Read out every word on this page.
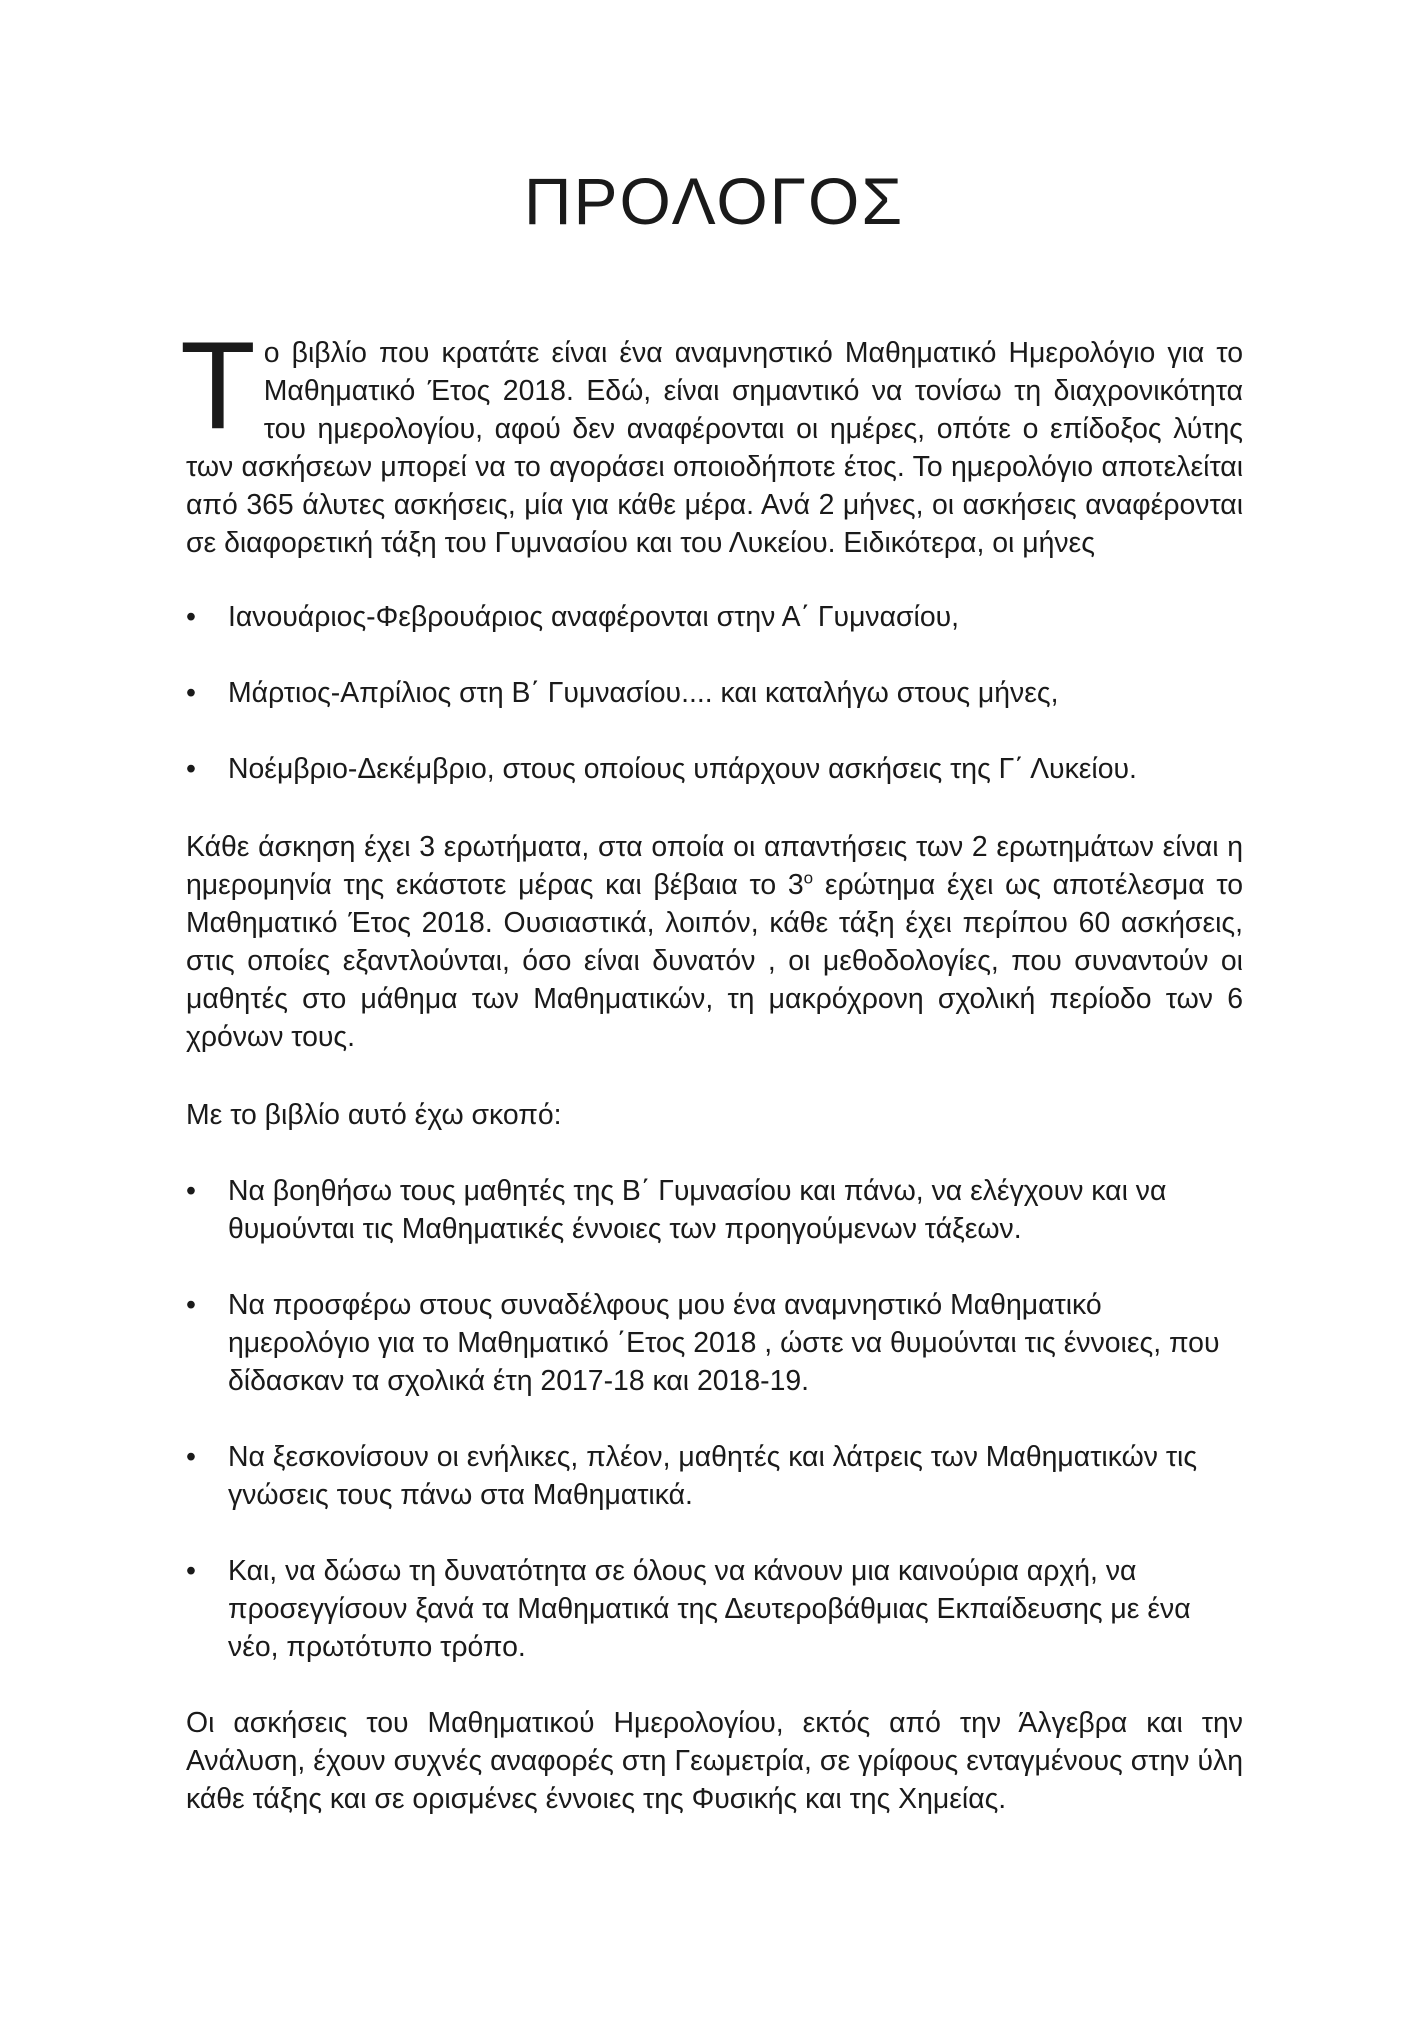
ΠΡΟΛΟΓΟΣ

Το βιβλίο που κρατάτε είναι ένα αναμνηστικό Μαθηματικό Ημερολόγιο για το Μαθηματικό Έτος 2018. Εδώ, είναι σημαντικό να τονίσω τη διαχρονικότητα του ημερολογίου, αφού δεν αναφέρονται οι ημέρες, οπότε ο επίδοξος λύτης των ασκήσεων μπορεί να το αγοράσει οποιοδήποτε έτος. Το ημερολόγιο αποτελείται από 365 άλυτες ασκήσεις, μία για κάθε μέρα. Ανά 2 μήνες, οι ασκήσεις αναφέρονται σε διαφορετική τάξη του Γυμνασίου και του Λυκείου. Ειδικότερα, οι μήνες

• Ιανουάριος-Φεβρουάριος αναφέρονται στην Α΄ Γυμνασίου,
• Μάρτιος-Απρίλιος στη Β΄ Γυμνασίου.... και καταλήγω στους μήνες,
• Νοέμβριο-Δεκέμβριο, στους οποίους υπάρχουν ασκήσεις της Γ΄ Λυκείου.

Κάθε άσκηση έχει 3 ερωτήματα, στα οποία οι απαντήσεις των 2 ερωτημάτων είναι η ημερομηνία της εκάστοτε μέρας και βέβαια το $3^o$ ερώτημα έχει ως αποτέλεσμα το Μαθηματικό Έτος 2018. Ουσιαστικά, λοιπόν, κάθε τάξη έχει περίπου 60 ασκήσεις, στις οποίες εξαντλούνται, όσο είναι δυνατόν , οι μεθοδολογίες, που συναντούν οι μαθητές στο μάθημα των Μαθηματικών, τη μακρόχρονη σχολική περίοδο των 6 χρόνων τους.

Με το βιβλίο αυτό έχω σκοπό:

• Να βοηθήσω τους μαθητές της Β΄ Γυμνασίου και πάνω, να ελέγχουν και να θυμούνται τις Μαθηματικές έννοιες των προηγούμενων τάξεων.
• Να προσφέρω στους συναδέλφους μου ένα αναμνηστικό Μαθηματικό ημερολόγιο για το Μαθηματικό ΄Ετος 2018 , ώστε να θυμούνται τις έννοιες, που δίδασκαν τα σχολικά έτη 2017-18 και 2018-19.
• Να ξεσκονίσουν οι ενήλικες, πλέον, μαθητές και λάτρεις των Μαθηματικών τις γνώσεις τους πάνω στα Μαθηματικά.
• Και, να δώσω τη δυνατότητα σε όλους να κάνουν μια καινούρια αρχή, να προσεγγίσουν ξανά τα Μαθηματικά της Δευτεροβάθμιας Εκπαίδευσης με ένα νέο, πρωτότυπο τρόπο.

Οι ασκήσεις του Μαθηματικού Ημερολογίου, εκτός από την Άλγεβρα και την Ανάλυση, έχουν συχνές αναφορές στη Γεωμετρία, σε γρίφους ενταγμένους στην ύλη κάθε τάξης και σε ορισμένες έννοιες της Φυσικής και της Χημείας.
